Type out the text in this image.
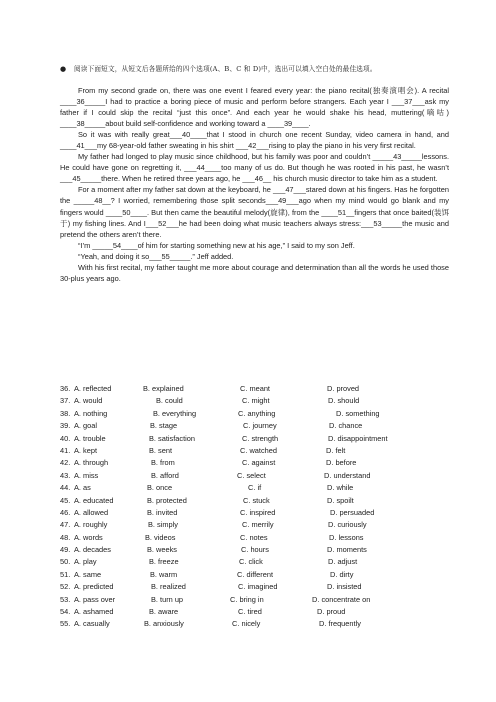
● 阅读下面短文，从短文后各题所给的四个选项(A、B、C 和 D)中，选出可以填入空白处的最佳选项。

From my second grade on, there was one event I feared every year: the piano recital(独奏演唱会). A recital ____36_____I had to practice a boring piece of music and perform before strangers. Each year I ___37___ask my father if I could skip the recital “just this once”. And each year he would shake his head, muttering(嘀咕) ____38_____about build self-confidence and working toward a ____39____.

So it was with really great___40____that I stood in church one recent Sunday, video camera in hand, and ____41___my 68-year-old father sweating in his shirt ___42___rising to play the piano in his very first recital.

My father had longed to play music since childhood, but his family was poor and couldn’t _____43_____lessons. He could have gone on regretting it, ___44____too many of us do. But though he was rooted in his past, he wasn’t ___45_____there. When he retired three years ago, he ___46__ his church music director to take him as a student.

For a moment after my father sat down at the keyboard, he ___47___stared down at his fingers. Has he forgotten the _____48__? I worried, remembering those split seconds___49___ago when my mind would go blank and my fingers would ____50____. But then came the beautiful melody(旋律), from the ____51__fingers that once baited(装饵于) my fishing lines. And I___52___he had been doing what music teachers always stress:___53_____the music and pretend the others aren’t there.

“I’m _____54____of him for starting something new at his age,” I said to my son Jeff.

“Yeah, and doing it so___55_____.” Jeff added.

With his first recital, my father taught me more about courage and determination than all the words he used those 30-plus years ago.

36. A. reflected	B. explained	C. meant	D. proved
37. A. would	B. could	C. might	D. should
38. A. nothing	B. everything	C. anything	D. something
39. A. goal	B. stage	C. journey	D. chance
40. A. trouble	B. satisfaction	C. strength	D. disappointment
41. A. kept	B. sent	C. watched	D. felt
42. A. through	B. from	C. against	D. before
43. A. miss	B. afford	C. select	D. understand
44. A. as	B. once	C. if	D. while
45. A. educated	B. protected	C. stuck	D. spoilt
46. A. allowed	B. invited	C. inspired	D. persuaded
47. A. roughly	B. simply	C. merrily	D. curiously
48. A. words	B. videos	C. notes	D. lessons
49. A. decades	B. weeks	C. hours	D. moments
50. A. play	B. freeze	C. click	D. adjust
51. A. same	B. warm	C. different	D. dirty
52. A. predicted	B. realized	C. imagined	D. insisted
53. A. pass over	B. turn up	C. bring in	D. concentrate on
54. A. ashamed	B. aware	C. tired	D. proud
55. A. casually	B. anxiously	C. nicely	D. frequently
